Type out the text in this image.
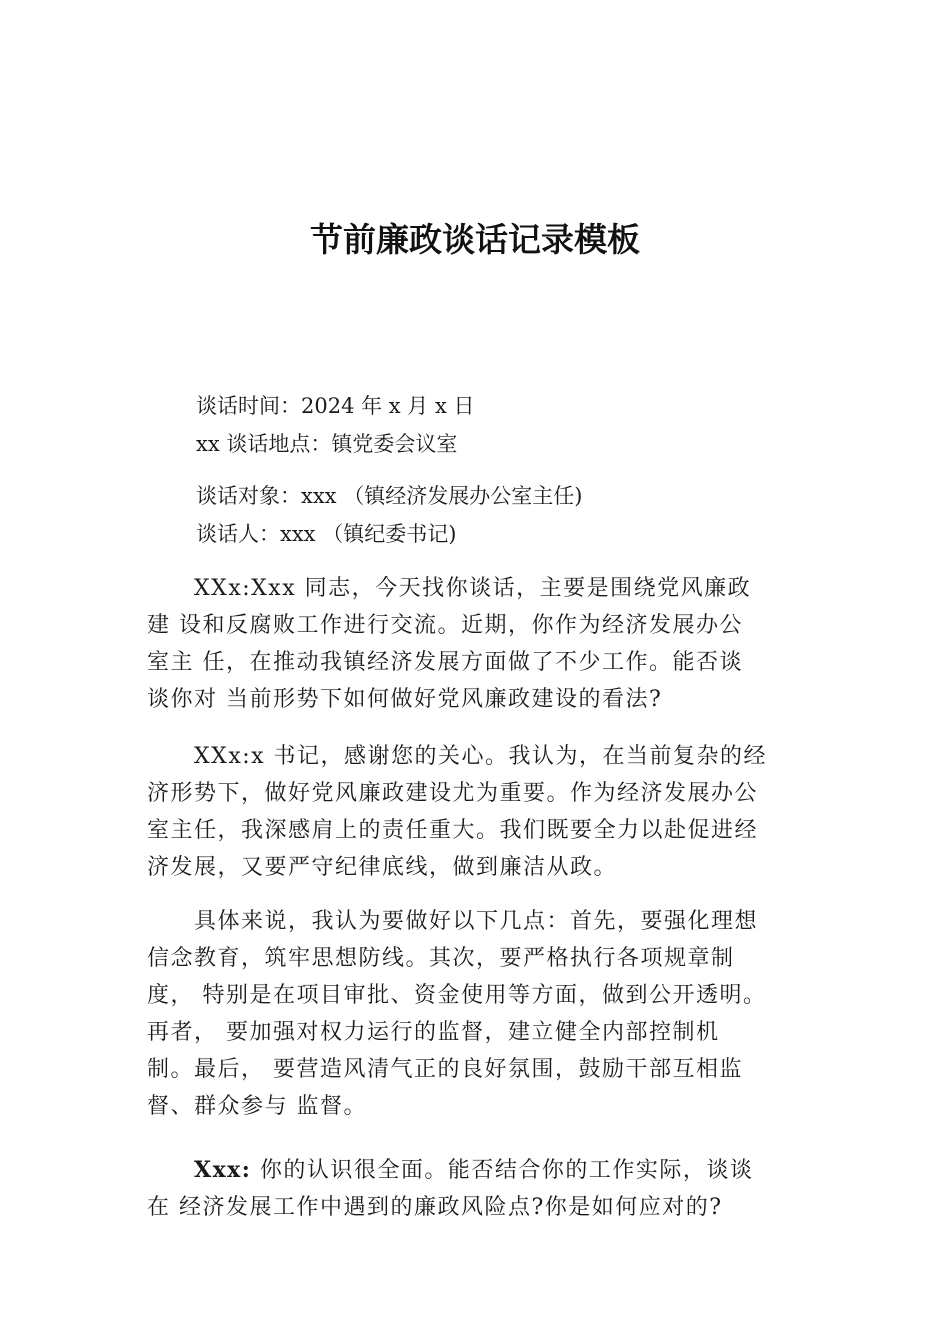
节前廉政谈话记录模板
谈话时间：2024 年 x 月 x 日
xx 谈话地点：镇党委会议室
谈话对象：xxx （镇经济发展办公室主任)
谈话人：xxx （镇纪委书记)
XXx:Xxx 同志，今天找你谈话，主要是围绕党风廉政
建 设和反腐败工作进行交流。近期，你作为经济发展办公
室主 任，在推动我镇经济发展方面做了不少工作。能否谈
谈你对 当前形势下如何做好党风廉政建设的看法?
XXx:x 书记，感谢您的关心。我认为，在当前复杂的经
济形势下，做好党风廉政建设尤为重要。作为经济发展办公
室主任，我深感肩上的责任重大。我们既要全力以赴促进经
济发展，又要严守纪律底线，做到廉洁从政。
具体来说，我认为要做好以下几点：首先，要强化理想
信念教育，筑牢思想防线。其次，要严格执行各项规章制
度， 特别是在项目审批、资金使用等方面，做到公开透明。
再者， 要加强对权力运行的监督，建立健全内部控制机
制。最后， 要营造风清气正的良好氛围，鼓励干部互相监
督、群众参与 监督。
Xxx: 你的认识很全面。能否结合你的工作实际，谈谈
在 经济发展工作中遇到的廉政风险点?你是如何应对的?
